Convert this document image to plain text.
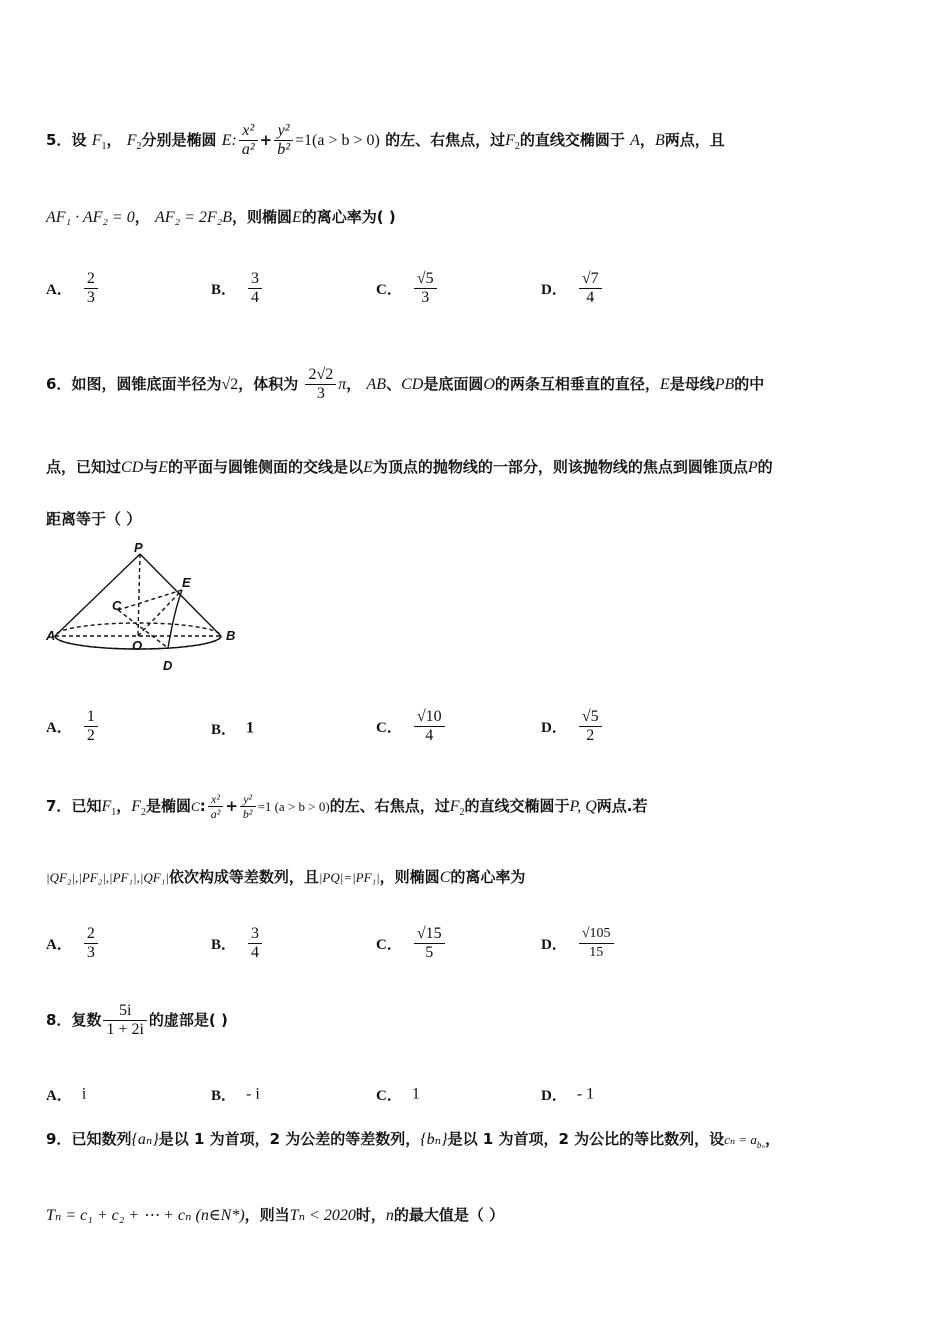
5．设 $F_1$， $F_2$分别是椭圆 E: $\frac{\text{x²}}{\text{a²}} + \frac{\text{y²}}{\text{b²}} =1(a > b > 0)$ 的左、右焦点，过$F_2$的直线交椭圆于 A，B两点，且
AF₁ · AF₂ = 0， AF₂ = 2F₂B，则椭圆E的离心率为( )
A． $\frac{2}{3}$	B． $\frac{3}{4}$	C． $\frac{√5}{3}$	D． $\frac{√7}{4}$
6．如图，圆锥底面半径为√2，体积为 $\frac{2√2}{3}$ π， AB、CD是底面圆O的两条互相垂直的直径，E是母线PB的中
点，已知过CD与E的平面与圆锥侧面的交线是以E为顶点的抛物线的一部分，则该抛物线的焦点到圆锥顶点P的
距离等于（ ）
P
E
C
A
O
B
D
A． $\frac{1}{2}$	B． 1	C． $\frac{√10}{4}$	D． $\frac{√5}{2}$
7．已知$F_1$，$F_2$是椭圆C: $\frac{\text{x²}}{\text{a²}} + \frac{\text{y²}}{\text{b²}} =1$ (a > b > 0)的左、右焦点，过$F_2$的直线交椭圆于P, Q两点.若
|QF₂|,|PF₂|,|PF₁|,|QF₁|依次构成等差数列，且|PQ|=|PF₁|，则椭圆C的离心率为
A． $\frac{2}{3}$	B． $\frac{3}{4}$	C． $\frac{√15}{5}$	D． $\frac{√105}{15}$
8．复数 $\frac{5i}{1 + 2i}$ 的虚部是( )
A． i	B． - i	C． 1	D． - 1
9．已知数列{aₙ}是以 1 为首项，2 为公差的等差数列，{bₙ}是以 1 为首项，2 为公比的等比数列，设$c_n = a_{b_n}$，
Tₙ = c₁ + c₂ + ⋯ + cₙ (n∈N*)，则当Tₙ < 2020时，n的最大值是（ ）
